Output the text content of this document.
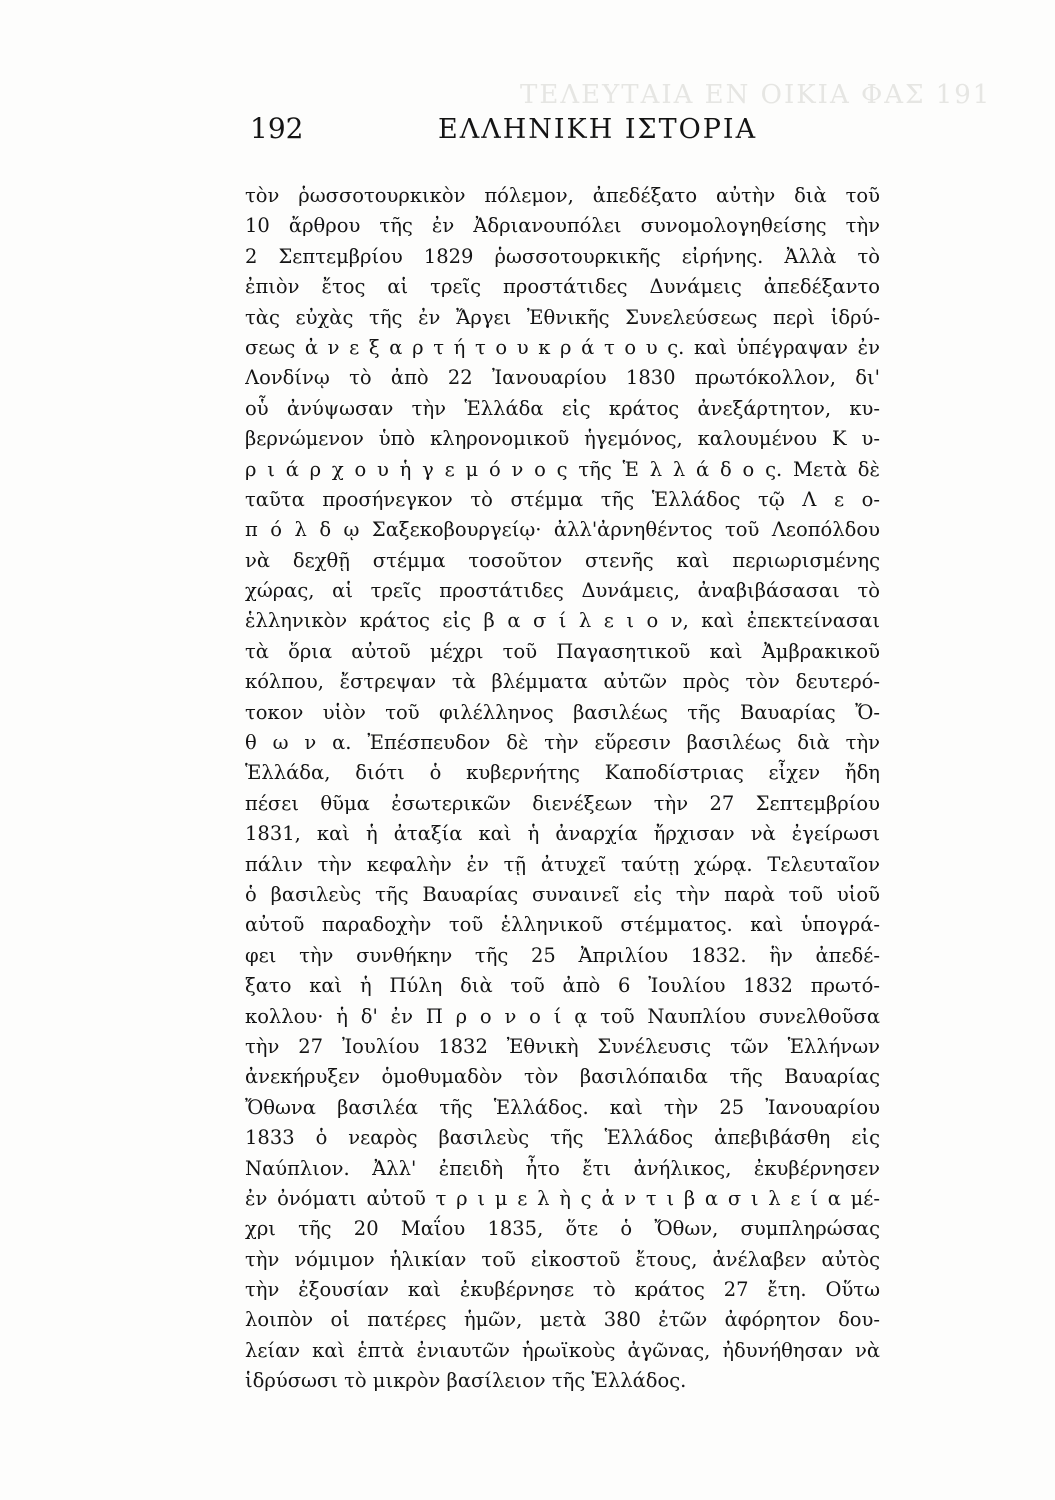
ΤΕΛΕΥΤΑΙΑ ΕΝ ΟΙΚΙΑ ΦΑΣ 191
192	ΕΛΛΗΝΙΚΗ ΙΣΤΟΡΙΑ
τὸν ῥωσσοτουρκικὸν πόλεμον, ἀπεδέξατο αὐτὴν διὰ τοῦ
10 ἄρθρου τῆς ἐν Ἀδριανουπόλει συνομολογηθείσης τὴν
2 Σεπτεμβρίου 1829 ῥωσσοτουρκικῆς εἰρήνης. Ἀλλὰ τὸ
ἐπιὸν ἔτος αἱ τρεῖς προστάτιδες Δυνάμεις ἀπεδέξαντο
τὰς εὐχὰς τῆς ἐν Ἄργει Ἐθνικῆς Συνελεύσεως περὶ ἱδρύ-
σεως ἀ ν ε ξ α ρ τ ή τ ο υ κ ρ ά τ ο υ ς. καὶ ὑπέγραψαν ἐν
Λονδίνῳ τὸ ἀπὸ 22 Ἰανουαρίου 1830 πρωτόκολλον, δι'
οὗ ἀνύψωσαν τὴν Ἑλλάδα εἰς κράτος ἀνεξάρτητον, κυ-
βερνώμενον ὑπὸ κληρονομικοῦ ἡγεμόνος, καλουμένου Κ υ-
ρ ι ά ρ χ ο υ ἡ γ ε μ ό ν ο ς τῆς Ἑ λ λ ά δ ο ς. Μετὰ δὲ
ταῦτα προσήνεγκον τὸ στέμμα τῆς Ἑλλάδος τῷ Λ ε ο-
π ό λ δ ῳ Σαξεκοβουργείῳ· ἀλλ'ἀρνηθέντος τοῦ Λεοπόλδου
νὰ δεχθῇ στέμμα τοσοῦτον στενῆς καὶ περιωρισμένης
χώρας, αἱ τρεῖς προστάτιδες Δυνάμεις, ἀναβιβάσασαι τὸ
ἑλληνικὸν κράτος εἰς β α σ ί λ ε ι ο ν, καὶ ἐπεκτείνασαι
τὰ ὅρια αὐτοῦ μέχρι τοῦ Παγασητικοῦ καὶ Ἀμβρακικοῦ
κόλπου, ἔστρεψαν τὰ βλέμματα αὐτῶν πρὸς τὸν δευτερό-
τοκον υἱὸν τοῦ φιλέλληνος βασιλέως τῆς Βαυαρίας Ὄ-
θ ω ν α. Ἐπέσπευδον δὲ τὴν εὕρεσιν βασιλέως διὰ τὴν
Ἑλλάδα, διότι ὁ κυβερνήτης Καποδίστριας εἶχεν ἤδη
πέσει θῦμα ἐσωτερικῶν διενέξεων τὴν 27 Σεπτεμβρίου
1831, καὶ ἡ ἀταξία καὶ ἡ ἀναρχία ἤρχισαν νὰ ἐγείρωσι
πάλιν τὴν κεφαλὴν ἐν τῇ ἀτυχεῖ ταύτῃ χώρᾳ. Τελευταῖον
ὁ βασιλεὺς τῆς Βαυαρίας συναινεῖ εἰς τὴν παρὰ τοῦ υἱοῦ
αὐτοῦ παραδοχὴν τοῦ ἑλληνικοῦ στέμματος. καὶ ὑπογρά-
φει τὴν συνθήκην τῆς 25 Ἀπριλίου 1832. ἣν ἀπεδέ-
ξατο καὶ ἡ Πύλη διὰ τοῦ ἀπὸ 6 Ἰουλίου 1832 πρωτό-
κολλου· ἡ δ' ἐν Π ρ ο ν ο ί ᾳ τοῦ Ναυπλίου συνελθοῦσα
τὴν 27 Ἰουλίου 1832 Ἐθνικὴ Συνέλευσις τῶν Ἑλλήνων
ἀνεκήρυξεν ὁμοθυμαδὸν τὸν βασιλόπαιδα τῆς Βαυαρίας
Ὄθωνα βασιλέα τῆς Ἑλλάδος. καὶ τὴν 25 Ἰανουαρίου
1833 ὁ νεαρὸς βασιλεὺς τῆς Ἑλλάδος ἀπεβιβάσθη εἰς
Ναύπλιον. Ἀλλ' ἐπειδὴ ἦτο ἔτι ἀνήλικος, ἐκυβέρνησεν
ἐν ὀνόματι αὐτοῦ τ ρ ι μ ε λ ὴ ς ἀ ν τ ι β α σ ι λ ε ί α μέ-
χρι τῆς 20 Μαΐου 1835, ὅτε ὁ Ὄθων, συμπληρώσας
τὴν νόμιμον ἡλικίαν τοῦ εἰκοστοῦ ἔτους, ἀνέλαβεν αὐτὸς
τὴν ἐξουσίαν καὶ ἐκυβέρνησε τὸ κράτος 27 ἔτη. Οὕτω
λοιπὸν οἱ πατέρες ἡμῶν, μετὰ 380 ἐτῶν ἀφόρητον δου-
λείαν καὶ ἑπτὰ ἐνιαυτῶν ἡρωϊκοὺς ἀγῶνας, ἠδυνήθησαν νὰ
ἱδρύσωσι τὸ μικρὸν βασίλειον τῆς Ἑλλάδος.
